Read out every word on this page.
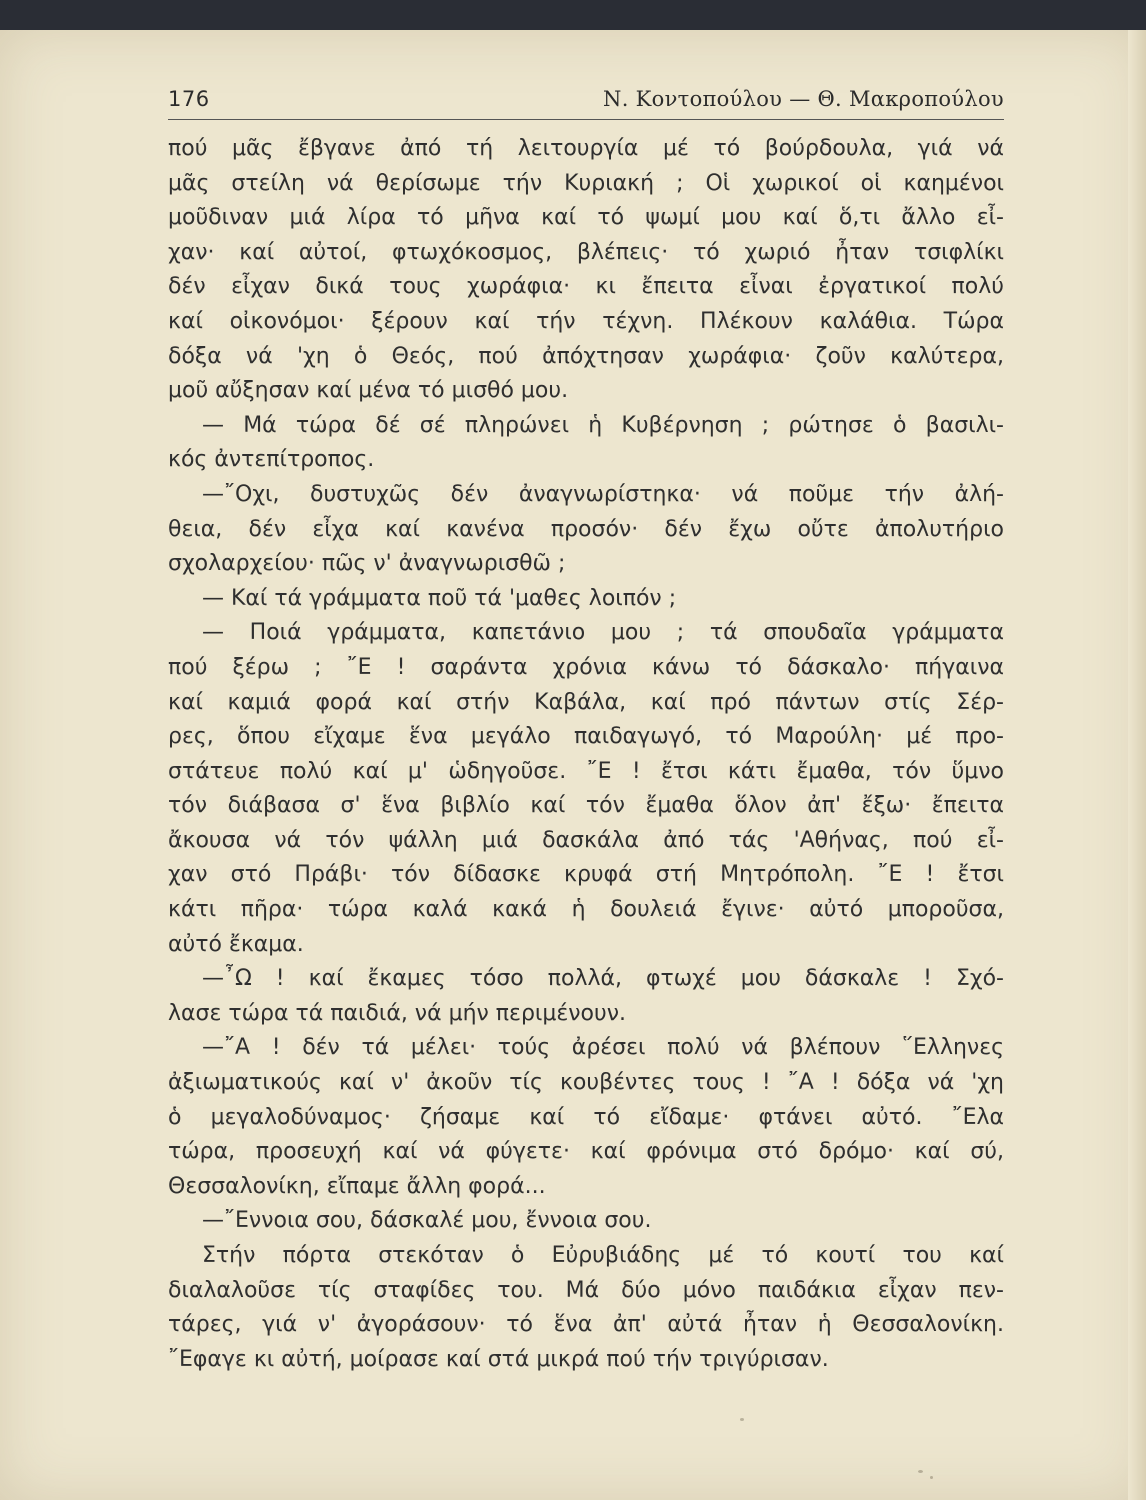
176	Ν. Κοντοπούλου — Θ. Μακροπούλου
πού μᾶς ἔβγανε ἀπό τή λειτουργία μέ τό βούρδουλα, γιά νά
μᾶς στείλη νά θερίσωμε τήν Κυριακή ; Οἱ χωρικοί οἱ καημένοι
μοῦδιναν μιά λίρα τό μῆνα καί τό ψωμί μου καί ὅ,τι ἄλλο εἶ-
χαν· καί αὐτοί, φτωχόκοσμος, βλέπεις· τό χωριό ἦταν τσιφλίκι
δέν εἶχαν δικά τους χωράφια· κι ἔπειτα εἶναι ἐργατικοί πολύ
καί οἰκονόμοι· ξέρουν καί τήν τέχνη. Πλέκουν καλάθια. Τώρα
δόξα νά 'χη ὁ Θεός, πού ἀπόχτησαν χωράφια· ζοῦν καλύτερα,
μοῦ αὔξησαν καί μένα τό μισθό μου.
— Μά τώρα δέ σέ πληρώνει ἡ Κυβέρνηση ; ρώτησε ὁ βασιλι-
κός ἀντεπίτροπος.
—῎Οχι, δυστυχῶς δέν ἀναγνωρίστηκα· νά ποῦμε τήν ἀλή-
θεια, δέν εἶχα καί κανένα προσόν· δέν ἔχω οὔτε ἀπολυτήριο
σχολαρχείου· πῶς ν' ἀναγνωρισθῶ ;
— Καί τά γράμματα ποῦ τά 'μαθες λοιπόν ;
— Ποιά γράμματα, καπετάνιο μου ; τά σπουδαῖα γράμματα
πού ξέρω ; ῎Ε ! σαράντα χρόνια κάνω τό δάσκαλο· πήγαινα
καί καμιά φορά καί στήν Καβάλα, καί πρό πάντων στίς Σέρ-
ρες, ὅπου εἴχαμε ἕνα μεγάλο παιδαγωγό, τό Μαρούλη· μέ προ-
στάτευε πολύ καί μ' ὡδηγοῦσε. ῎Ε ! ἔτσι κάτι ἔμαθα, τόν ὕμνο
τόν διάβασα σ' ἕνα βιβλίο καί τόν ἔμαθα ὅλον ἀπ' ἔξω· ἔπειτα
ἄκουσα νά τόν ψάλλη μιά δασκάλα ἀπό τάς 'Αθήνας, πού εἶ-
χαν στό Πράβι· τόν δίδασκε κρυφά στή Μητρόπολη. ῎Ε ! ἔτσι
κάτι πῆρα· τώρα καλά κακά ἡ δουλειά ἔγινε· αὐτό μποροῦσα,
αὐτό ἔκαμα.
—῏Ω ! καί ἔκαμες τόσο πολλά, φτωχέ μου δάσκαλε ! Σχό-
λασε τώρα τά παιδιά, νά μήν περιμένουν.
—῎Α ! δέν τά μέλει· τούς ἀρέσει πολύ νά βλέπουν ῞Ελληνες
ἀξιωματικούς καί ν' ἀκοῦν τίς κουβέντες τους ! ῎Α ! δόξα νά 'χη
ὁ μεγαλοδύναμος· ζήσαμε καί τό εἴδαμε· φτάνει αὐτό. ῎Ελα
τώρα, προσευχή καί νά φύγετε· καί φρόνιμα στό δρόμο· καί σύ,
Θεσσαλονίκη, εἴπαμε ἄλλη φορά...
—῎Εννοια σου, δάσκαλέ μου, ἔννοια σου.
Στήν πόρτα στεκόταν ὁ Εὐρυβιάδης μέ τό κουτί του καί
διαλαλοῦσε τίς σταφίδες του. Μά δύο μόνο παιδάκια εἶχαν πεν-
τάρες, γιά ν' ἀγοράσουν· τό ἕνα ἀπ' αὐτά ἦταν ἡ Θεσσαλονίκη.
῎Εφαγε κι αὐτή, μοίρασε καί στά μικρά πού τήν τριγύρισαν.
